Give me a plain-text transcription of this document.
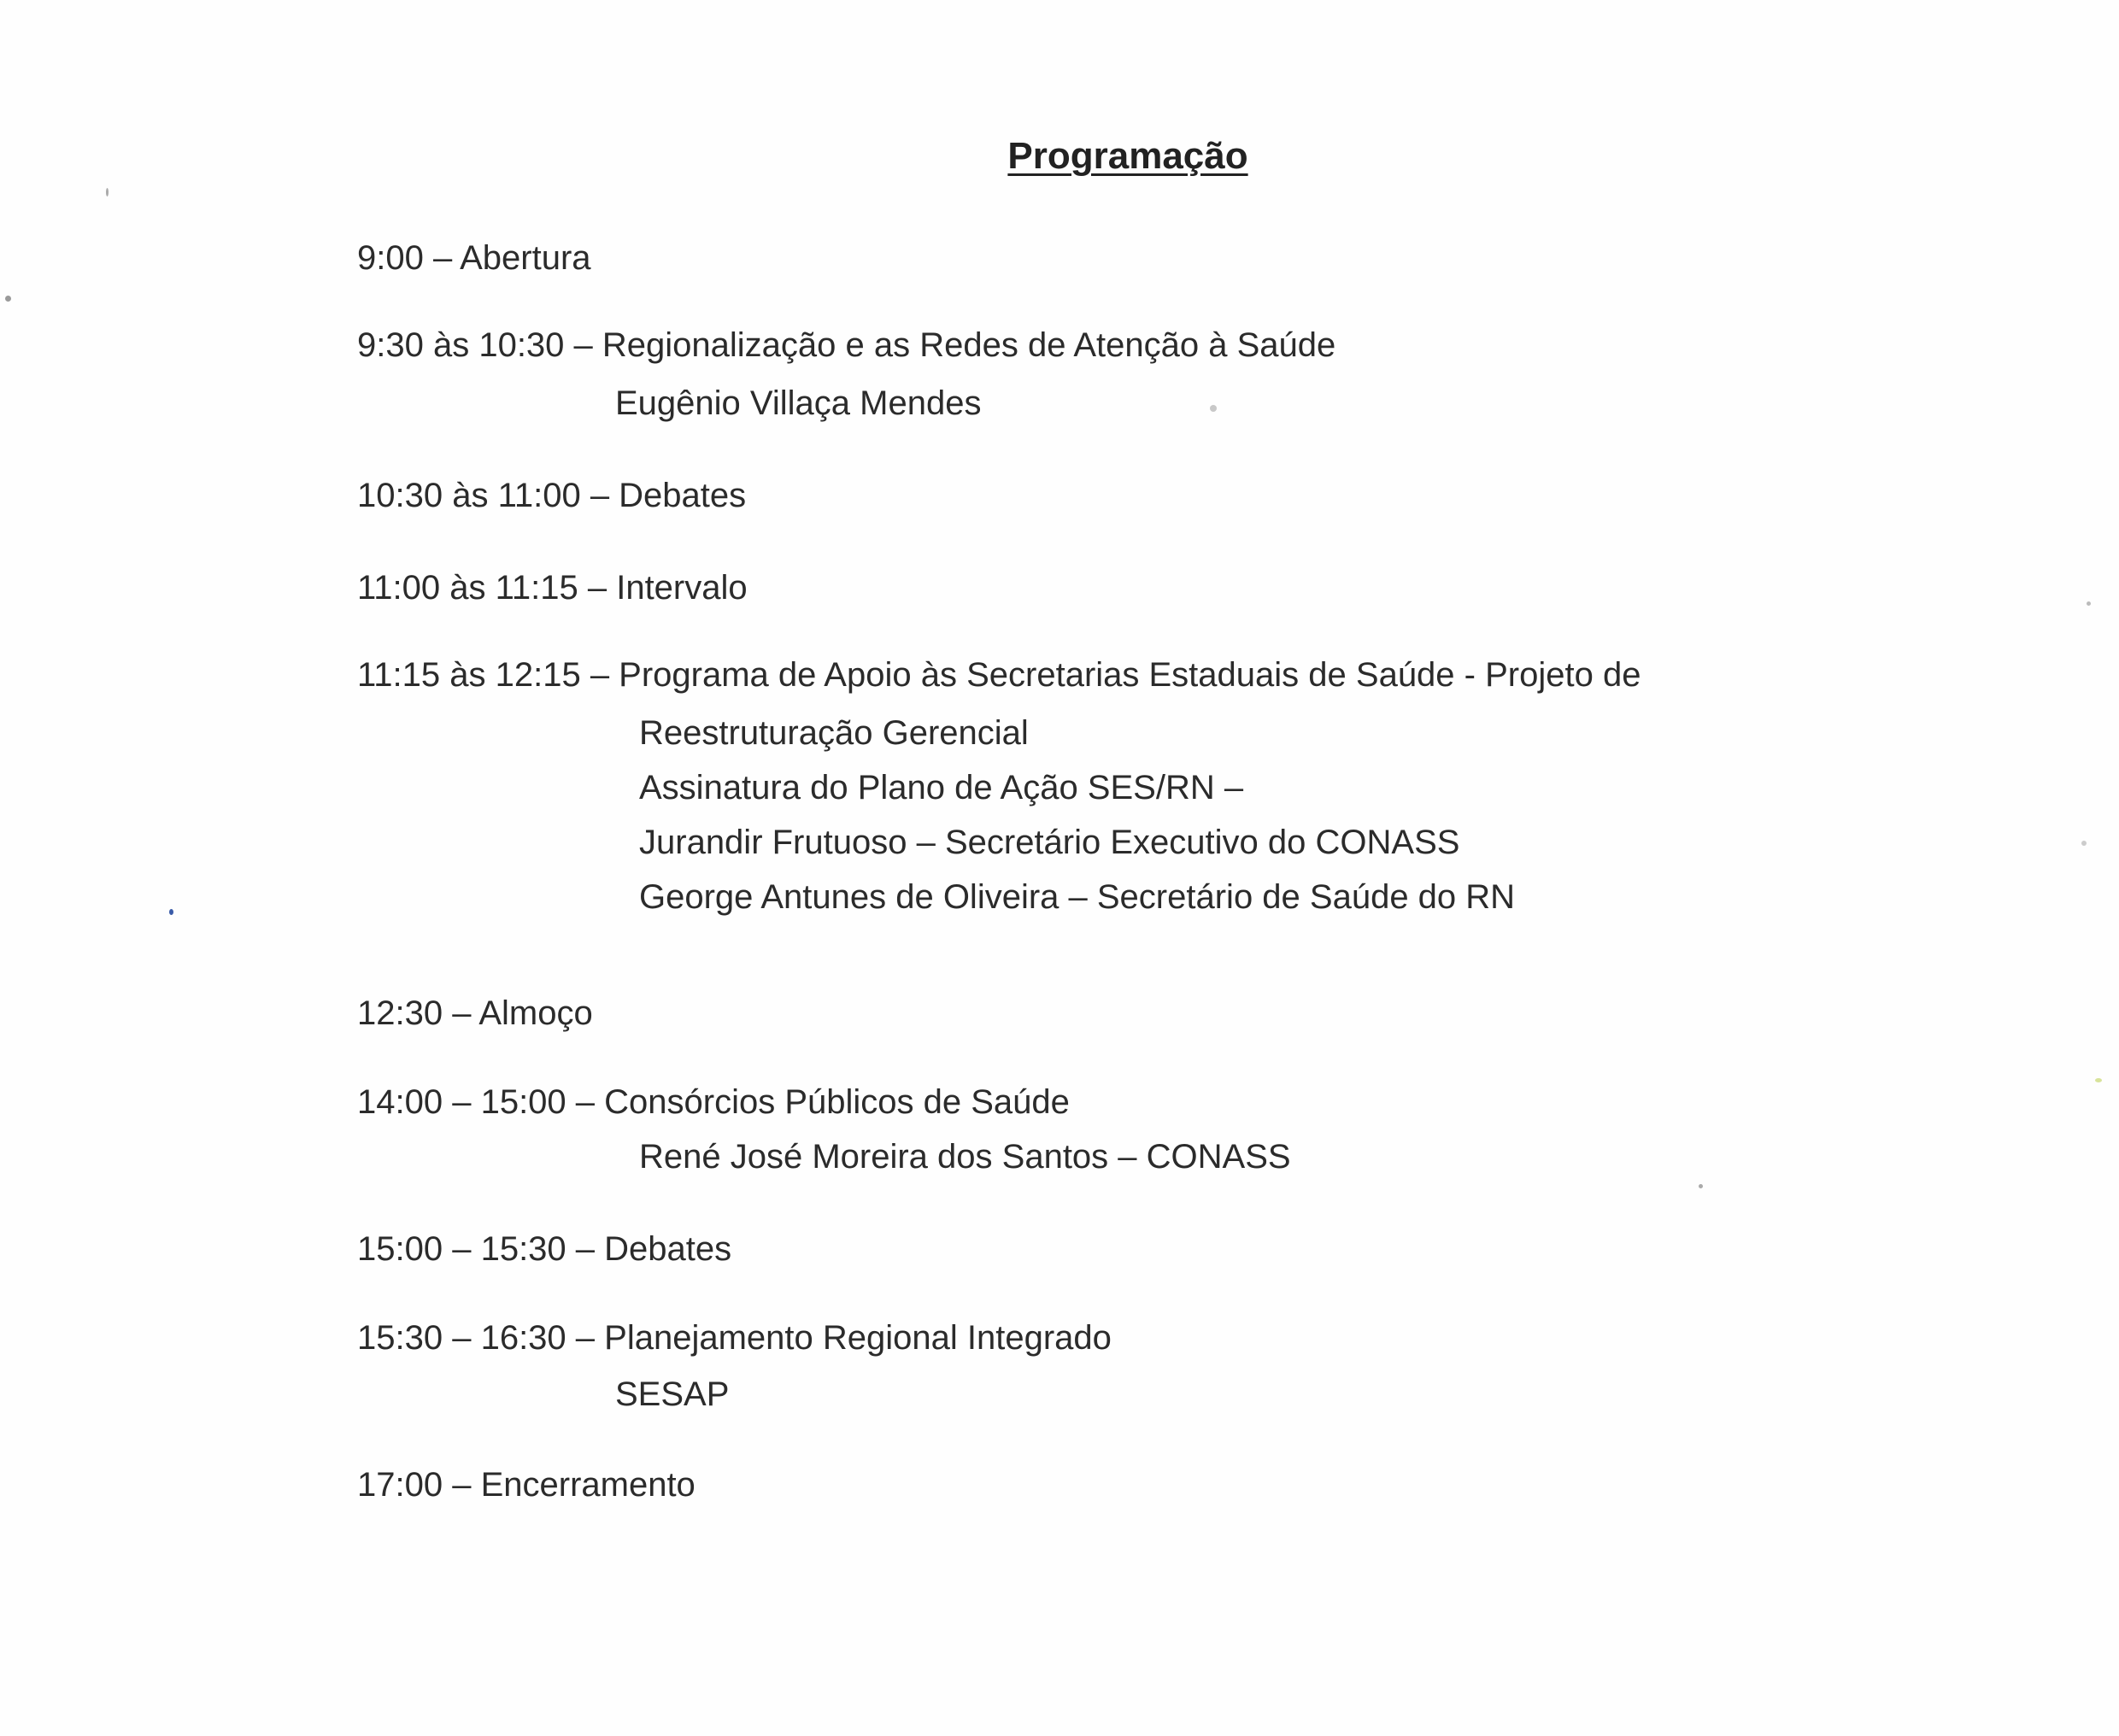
Programação
9:00 – Abertura
9:30 às 10:30 – Regionalização e as Redes de Atenção à Saúde
Eugênio Villaça Mendes
10:30 às 11:00 – Debates
11:00 às 11:15 – Intervalo
11:15 às 12:15 – Programa de Apoio às Secretarias Estaduais de Saúde - Projeto de
Reestruturação Gerencial
Assinatura do Plano de Ação SES/RN –
Jurandir Frutuoso – Secretário Executivo do CONASS
George Antunes de Oliveira – Secretário de Saúde do RN
12:30 – Almoço
14:00 – 15:00 – Consórcios Públicos de Saúde
René José Moreira dos Santos – CONASS
15:00 – 15:30 – Debates
15:30 – 16:30 – Planejamento Regional Integrado
SESAP
17:00 – Encerramento
